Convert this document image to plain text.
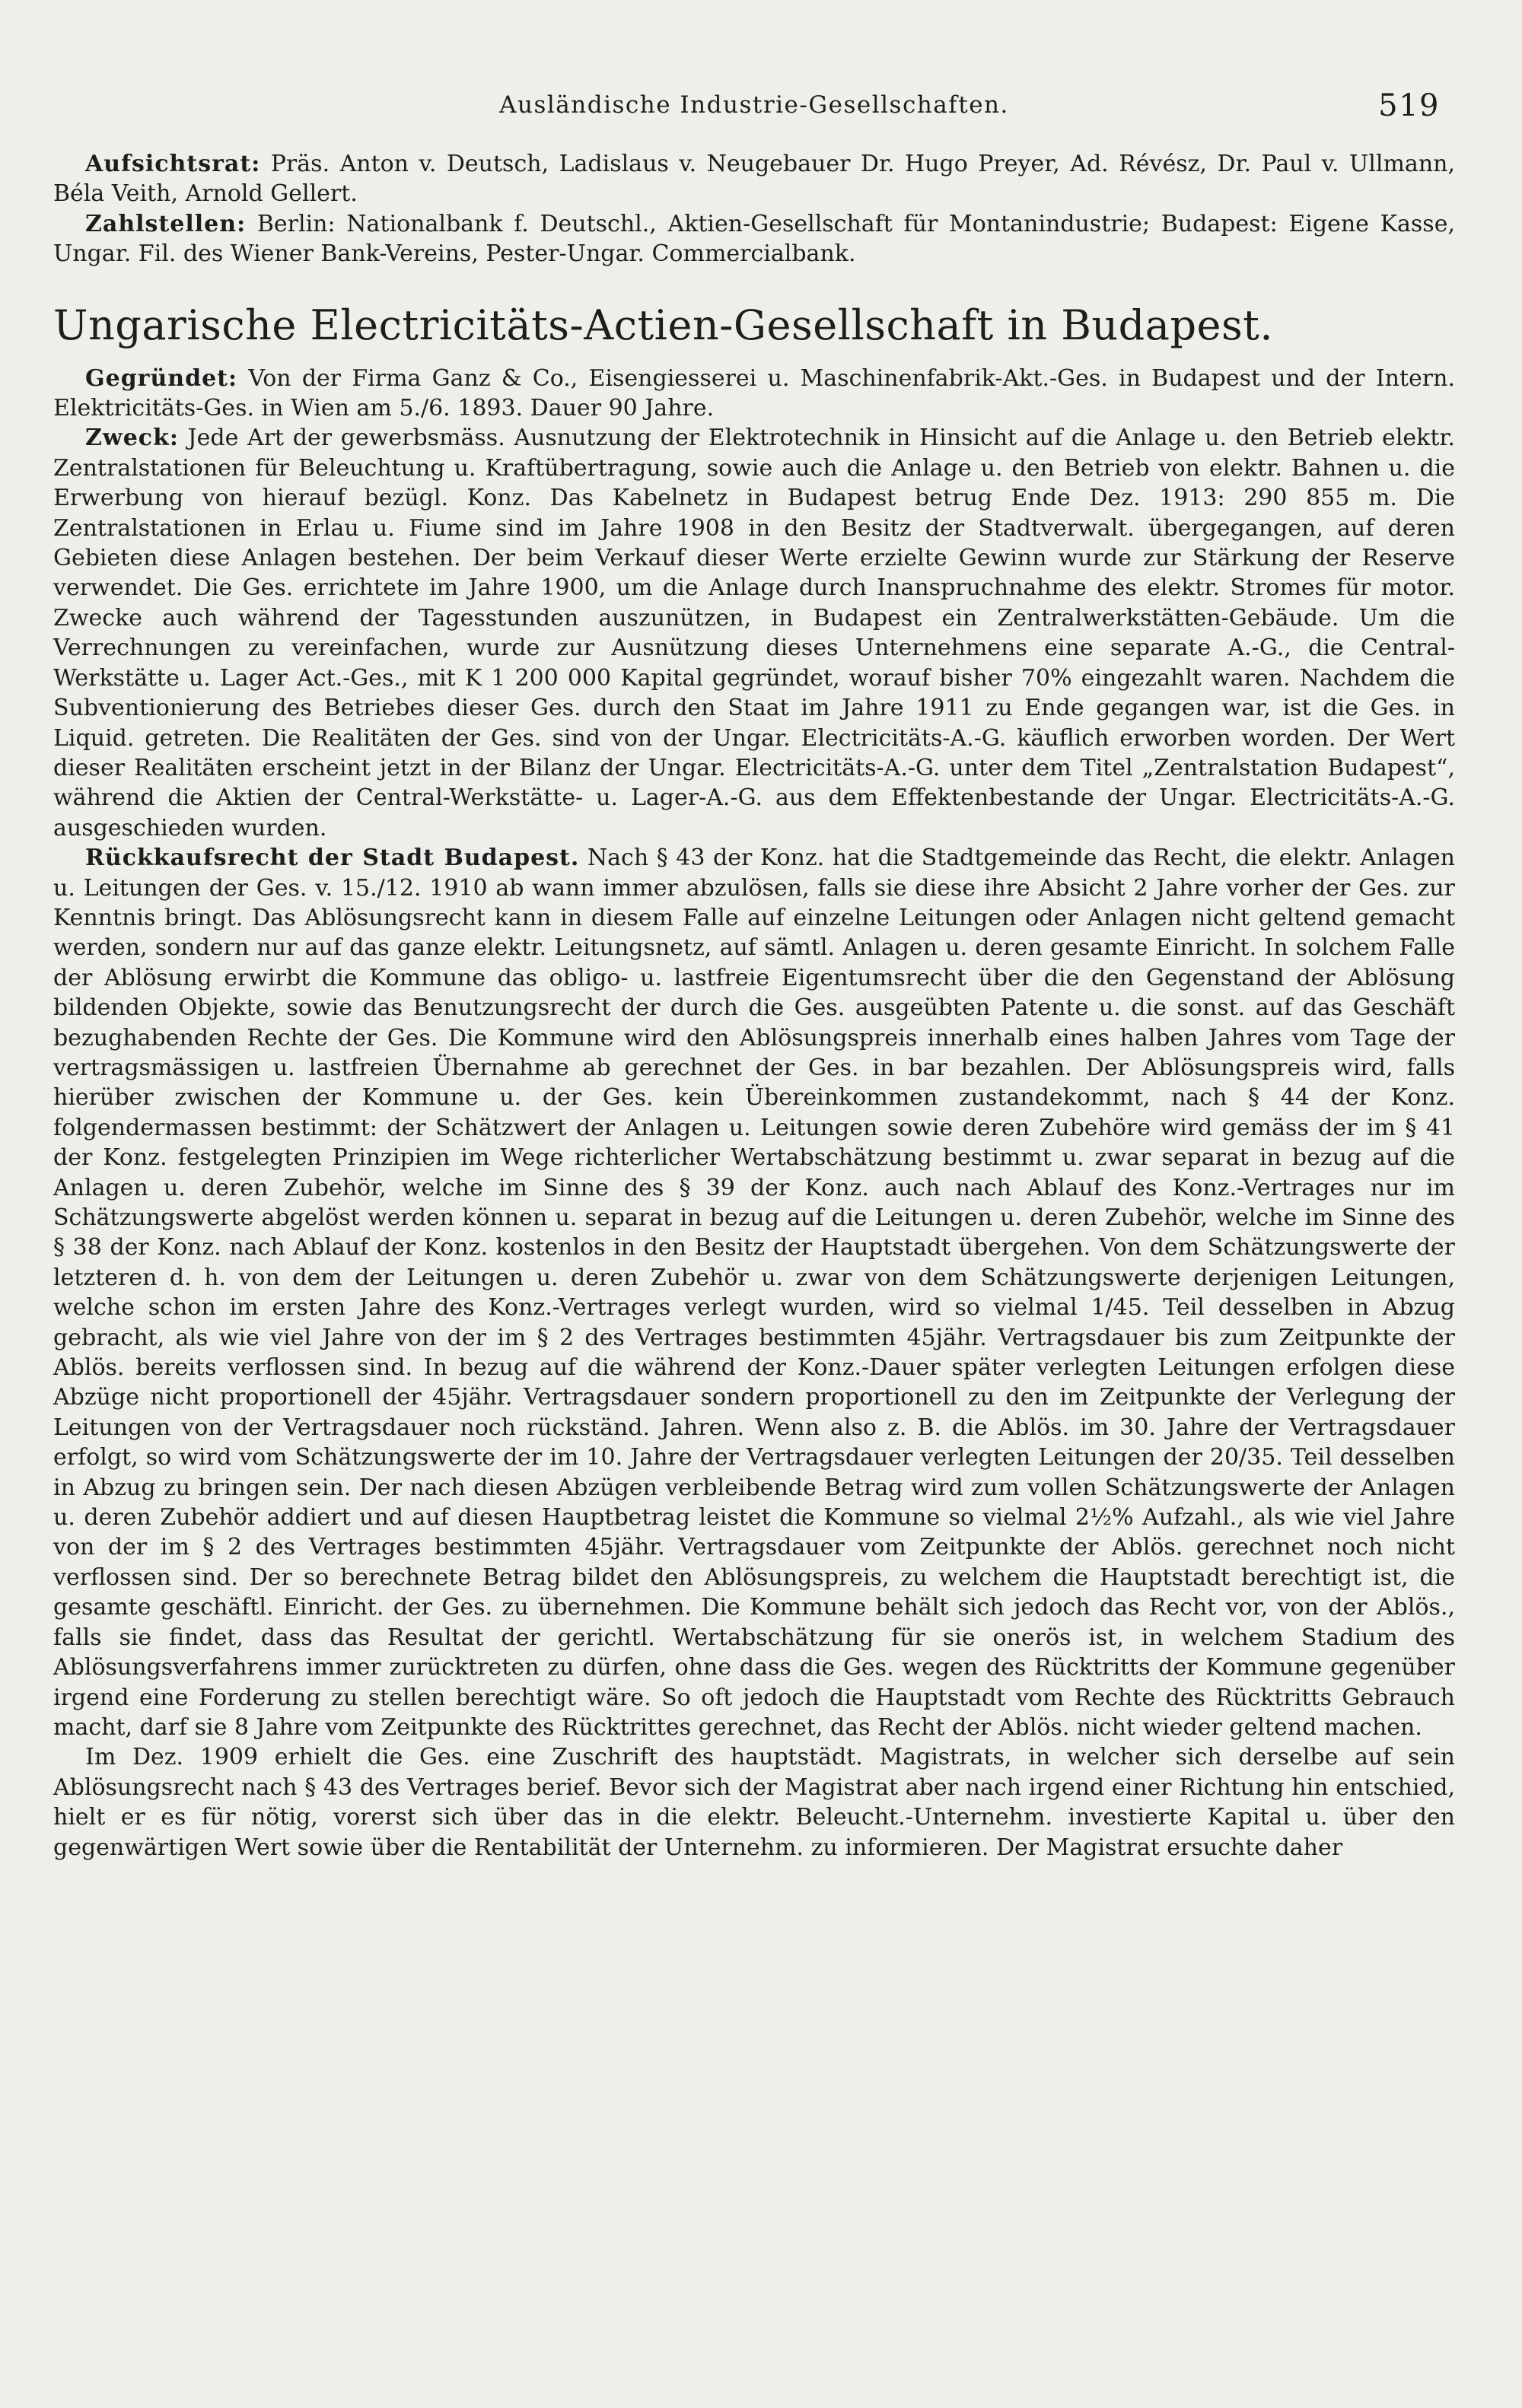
Ausländische Industrie-Gesellschaften.	519

Aufsichtsrat: Präs. Anton v. Deutsch, Ladislaus v. Neugebauer Dr. Hugo Preyer, Ad. Révész, Dr. Paul v. Ullmann, Béla Veith, Arnold Gellert.

Zahlstellen: Berlin: Nationalbank f. Deutschl., Aktien-Gesellschaft für Montanindustrie; Budapest: Eigene Kasse, Ungar. Fil. des Wiener Bank-Vereins, Pester-Ungar. Commercialbank.

Ungarische Electricitäts-Actien-Gesellschaft in Budapest.

Gegründet: Von der Firma Ganz & Co., Eisengiesserei u. Maschinenfabrik-Akt.-Ges. in Budapest und der Intern. Elektricitäts-Ges. in Wien am 5./6. 1893. Dauer 90 Jahre.

Zweck: Jede Art der gewerbsmäss. Ausnutzung der Elektrotechnik in Hinsicht auf die Anlage u. den Betrieb elektr. Zentralstationen für Beleuchtung u. Kraftübertragung, sowie auch die Anlage u. den Betrieb von elektr. Bahnen u. die Erwerbung von hierauf bezügl. Konz. Das Kabelnetz in Budapest betrug Ende Dez. 1913: 290 855 m. Die Zentralstationen in Erlau u. Fiume sind im Jahre 1908 in den Besitz der Stadtverwalt. übergegangen, auf deren Gebieten diese Anlagen bestehen. Der beim Verkauf dieser Werte erzielte Gewinn wurde zur Stärkung der Reserve verwendet. Die Ges. errichtete im Jahre 1900, um die Anlage durch Inanspruchnahme des elektr. Stromes für motor. Zwecke auch während der Tagesstunden auszunützen, in Budapest ein Zentralwerkstätten-Gebäude. Um die Verrechnungen zu vereinfachen, wurde zur Ausnützung dieses Unternehmens eine separate A.-G., die Central-Werkstätte u. Lager Act.-Ges., mit K 1 200 000 Kapital gegründet, worauf bisher 70% eingezahlt waren. Nachdem die Subventionierung des Betriebes dieser Ges. durch den Staat im Jahre 1911 zu Ende gegangen war, ist die Ges. in Liquid. getreten. Die Realitäten der Ges. sind von der Ungar. Electricitäts-A.-G. käuflich erworben worden. Der Wert dieser Realitäten erscheint jetzt in der Bilanz der Ungar. Electricitäts-A.-G. unter dem Titel „Zentralstation Budapest“, während die Aktien der Central-Werkstätte- u. Lager-A.-G. aus dem Effektenbestande der Ungar. Electricitäts-A.-G. ausgeschieden wurden.

Rückkaufsrecht der Stadt Budapest. Nach § 43 der Konz. hat die Stadtgemeinde das Recht, die elektr. Anlagen u. Leitungen der Ges. v. 15./12. 1910 ab wann immer abzulösen, falls sie diese ihre Absicht 2 Jahre vorher der Ges. zur Kenntnis bringt. Das Ablösungsrecht kann in diesem Falle auf einzelne Leitungen oder Anlagen nicht geltend gemacht werden, sondern nur auf das ganze elektr. Leitungsnetz, auf sämtl. Anlagen u. deren gesamte Einricht. In solchem Falle der Ablösung erwirbt die Kommune das obligo- u. lastfreie Eigentumsrecht über die den Gegenstand der Ablösung bildenden Objekte, sowie das Benutzungsrecht der durch die Ges. ausgeübten Patente u. die sonst. auf das Geschäft bezughabenden Rechte der Ges. Die Kommune wird den Ablösungspreis innerhalb eines halben Jahres vom Tage der vertragsmässigen u. lastfreien Übernahme ab gerechnet der Ges. in bar bezahlen. Der Ablösungspreis wird, falls hierüber zwischen der Kommune u. der Ges. kein Übereinkommen zustandekommt, nach § 44 der Konz. folgendermassen bestimmt: der Schätzwert der Anlagen u. Leitungen sowie deren Zubehöre wird gemäss der im § 41 der Konz. festgelegten Prinzipien im Wege richterlicher Wertabschätzung bestimmt u. zwar separat in bezug auf die Anlagen u. deren Zubehör, welche im Sinne des § 39 der Konz. auch nach Ablauf des Konz.-Vertrages nur im Schätzungswerte abgelöst werden können u. separat in bezug auf die Leitungen u. deren Zubehör, welche im Sinne des § 38 der Konz. nach Ablauf der Konz. kostenlos in den Besitz der Hauptstadt übergehen. Von dem Schätzungswerte der letzteren d. h. von dem der Leitungen u. deren Zubehör u. zwar von dem Schätzungswerte derjenigen Leitungen, welche schon im ersten Jahre des Konz.-Vertrages verlegt wurden, wird so vielmal 1/45. Teil desselben in Abzug gebracht, als wie viel Jahre von der im § 2 des Vertrages bestimmten 45jähr. Vertragsdauer bis zum Zeitpunkte der Ablös. bereits verflossen sind. In bezug auf die während der Konz.-Dauer später verlegten Leitungen erfolgen diese Abzüge nicht proportionell der 45jähr. Vertragsdauer sondern proportionell zu den im Zeitpunkte der Verlegung der Leitungen von der Vertragsdauer noch rückständ. Jahren. Wenn also z. B. die Ablös. im 30. Jahre der Vertragsdauer erfolgt, so wird vom Schätzungswerte der im 10. Jahre der Vertragsdauer verlegten Leitungen der 20/35. Teil desselben in Abzug zu bringen sein. Der nach diesen Abzügen verbleibende Betrag wird zum vollen Schätzungswerte der Anlagen u. deren Zubehör addiert und auf diesen Hauptbetrag leistet die Kommune so vielmal 2½% Aufzahl., als wie viel Jahre von der im § 2 des Vertrages bestimmten 45jähr. Vertragsdauer vom Zeitpunkte der Ablös. gerechnet noch nicht verflossen sind. Der so berechnete Betrag bildet den Ablösungspreis, zu welchem die Hauptstadt berechtigt ist, die gesamte geschäftl. Einricht. der Ges. zu übernehmen. Die Kommune behält sich jedoch das Recht vor, von der Ablös., falls sie findet, dass das Resultat der gerichtl. Wertabschätzung für sie onerös ist, in welchem Stadium des Ablösungsverfahrens immer zurücktreten zu dürfen, ohne dass die Ges. wegen des Rücktritts der Kommune gegenüber irgend eine Forderung zu stellen berechtigt wäre. So oft jedoch die Hauptstadt vom Rechte des Rücktritts Gebrauch macht, darf sie 8 Jahre vom Zeitpunkte des Rücktrittes gerechnet, das Recht der Ablös. nicht wieder geltend machen.

Im Dez. 1909 erhielt die Ges. eine Zuschrift des hauptstädt. Magistrats, in welcher sich derselbe auf sein Ablösungsrecht nach § 43 des Vertrages berief. Bevor sich der Magistrat aber nach irgend einer Richtung hin entschied, hielt er es für nötig, vorerst sich über das in die elektr. Beleucht.-Unternehm. investierte Kapital u. über den gegenwärtigen Wert sowie über die Rentabilität der Unternehm. zu informieren. Der Magistrat ersuchte daher
